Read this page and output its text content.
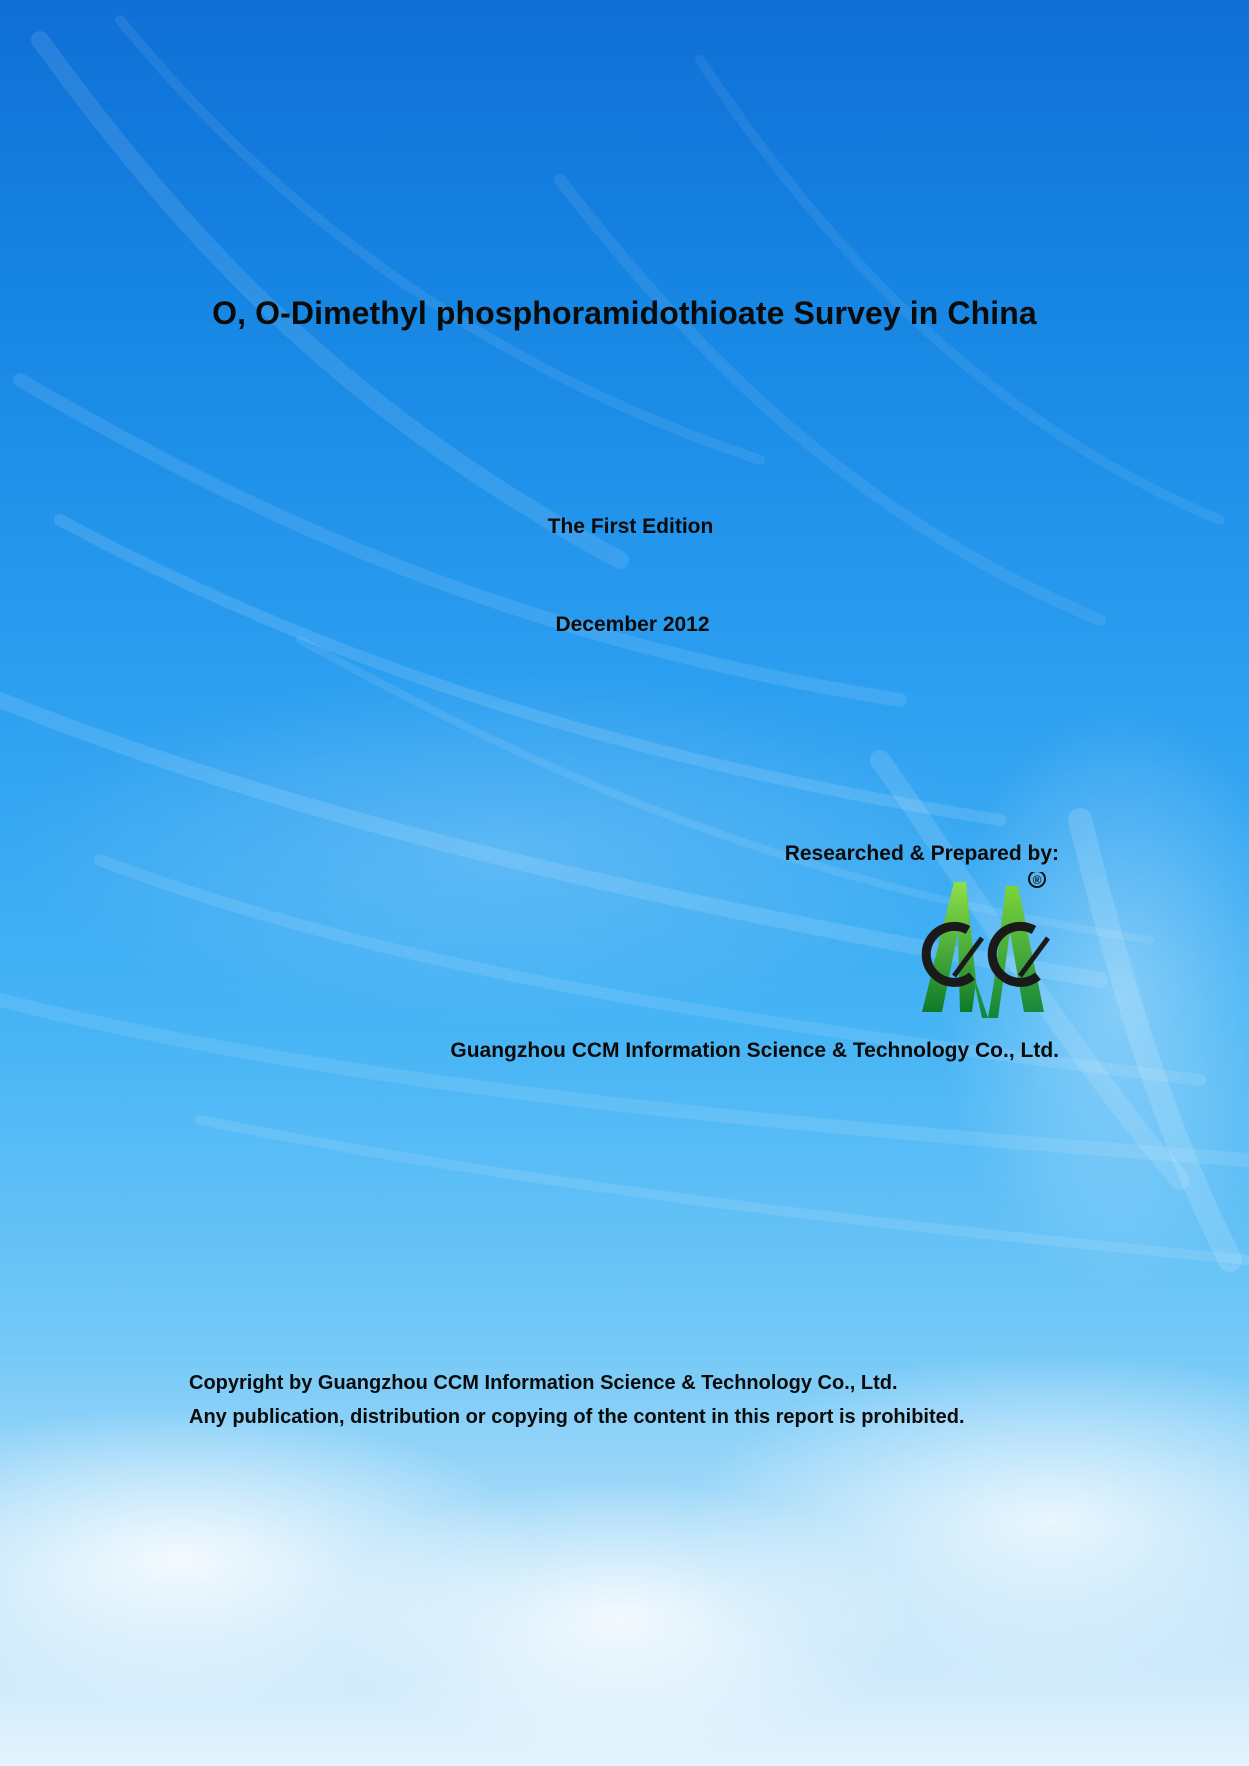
O, O-Dimethyl phosphoramidothioate Survey in China
The First Edition
December 2012
Researched & Prepared by:
®
Guangzhou CCM Information Science & Technology Co., Ltd.
Copyright by Guangzhou CCM Information Science & Technology Co., Ltd.
Any publication, distribution or copying of the content in this report is prohibited.
